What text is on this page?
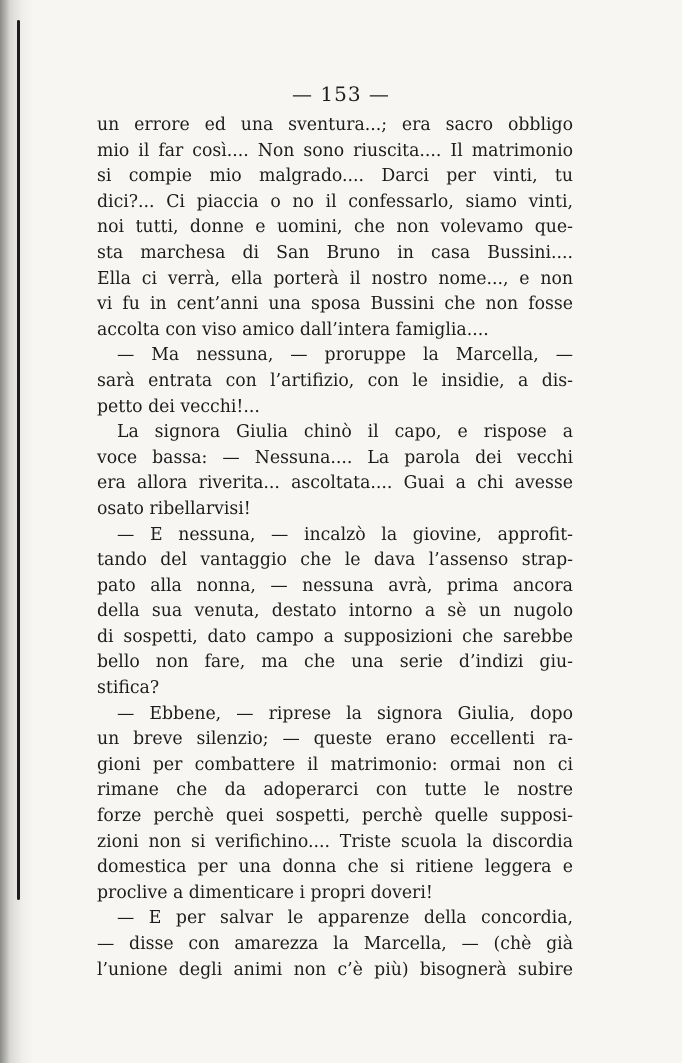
— 153 —
un errore ed una sventura...; era sacro obbligo
mio il far così.... Non sono riuscita.... Il matrimonio
si compie mio malgrado.... Darci per vinti, tu
dici?... Ci piaccia o no il confessarlo, siamo vinti,
noi tutti, donne e uomini, che non volevamo que-
sta marchesa di San Bruno in casa Bussini....
Ella ci verrà, ella porterà il nostro nome..., e non
vi fu in cent’anni una sposa Bussini che non fosse
accolta con viso amico dall’intera famiglia....
— Ma nessuna, — proruppe la Marcella, —
sarà entrata con l’artifizio, con le insidie, a dis-
petto dei vecchi!...
La signora Giulia chinò il capo, e rispose a
voce bassa: — Nessuna.... La parola dei vecchi
era allora riverita... ascoltata.... Guai a chi avesse
osato ribellarvisi!
— E nessuna, — incalzò la giovine, approfit-
tando del vantaggio che le dava l’assenso strap-
pato alla nonna, — nessuna avrà, prima ancora
della sua venuta, destato intorno a sè un nugolo
di sospetti, dato campo a supposizioni che sarebbe
bello non fare, ma che una serie d’indizi giu-
stifica?
— Ebbene, — riprese la signora Giulia, dopo
un breve silenzio; — queste erano eccellenti ra-
gioni per combattere il matrimonio: ormai non ci
rimane che da adoperarci con tutte le nostre
forze perchè quei sospetti, perchè quelle supposi-
zioni non si verifichino.... Triste scuola la discordia
domestica per una donna che si ritiene leggera e
proclive a dimenticare i propri doveri!
— E per salvar le apparenze della concordia,
— disse con amarezza la Marcella, — (chè già
l’unione degli animi non c’è più) bisognerà subire
